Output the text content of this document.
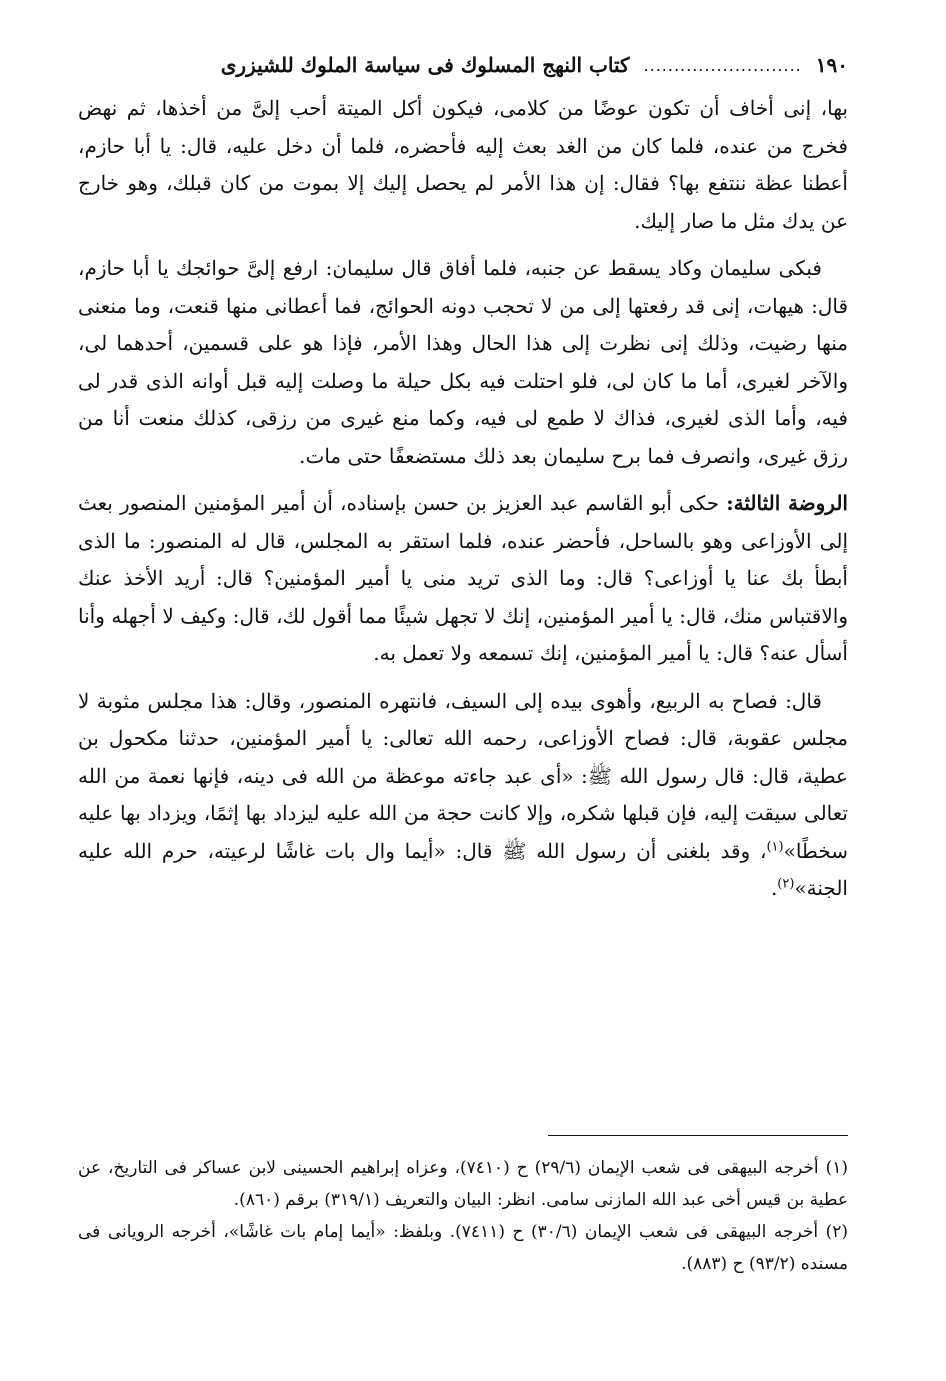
١٩٠
..........................
كتاب النهج المسلوك فى سياسة الملوك للشيزرى

بها، إنى أخاف أن تكون عوضًا من كلامى، فيكون أكل الميتة أحب إلىَّ من أخذها، ثم نهض فخرج من عنده، فلما كان من الغد بعث إليه فأحضره، فلما أن دخل عليه، قال: يا أبا حازم، أعطنا عظة ننتفع بها؟ فقال: إن هذا الأمر لم يحصل إليك إلا بموت من كان قبلك، وهو خارج عن يدك مثل ما صار إليك.

فبكى سليمان وكاد يسقط عن جنبه، فلما أفاق قال سليمان: ارفع إلىَّ حوائجك يا أبا حازم، قال: هيهات، إنى قد رفعتها إلى من لا تحجب دونه الحوائج، فما أعطانى منها قنعت، وما منعنى منها رضيت، وذلك إنى نظرت إلى هذا الحال وهذا الأمر، فإذا هو على قسمين، أحدهما لى، والآخر لغيرى، أما ما كان لى، فلو احتلت فيه بكل حيلة ما وصلت إليه قبل أوانه الذى قدر لى فيه، وأما الذى لغيرى، فذاك لا طمع لى فيه، وكما منع غيرى من رزقى، كذلك منعت أنا من رزق غيرى، وانصرف فما برح سليمان بعد ذلك مستضعفًا حتى مات.

الروضة الثالثة: حكى أبو القاسم عبد العزيز بن حسن بإسناده، أن أمير المؤمنين المنصور بعث إلى الأوزاعى وهو بالساحل، فأحضر عنده، فلما استقر به المجلس، قال له المنصور: ما الذى أبطأ بك عنا يا أوزاعى؟ قال: وما الذى تريد منى يا أمير المؤمنين؟ قال: أريد الأخذ عنك والاقتباس منك، قال: يا أمير المؤمنين، إنك لا تجهل شيئًا مما أقول لك، قال: وكيف لا أجهله وأنا أسأل عنه؟ قال: يا أمير المؤمنين، إنك تسمعه ولا تعمل به.

قال: فصاح به الربيع، وأهوى بيده إلى السيف، فانتهره المنصور، وقال: هذا مجلس مثوبة لا مجلس عقوبة، قال: فصاح الأوزاعى، رحمه الله تعالى: يا أمير المؤمنين، حدثنا مكحول بن عطية، قال: قال رسول الله ﷺ: «أى عبد جاءته موعظة من الله فى دينه، فإنها نعمة من الله تعالى سيقت إليه، فإن قبلها شكره، وإلا كانت حجة من الله عليه ليزداد بها إثمًا، ويزداد بها عليه سخطًا»$^{(١)}$، وقد بلغنى أن رسول الله ﷺ قال: «أيما وال بات غاشًا لرعيته، حرم الله عليه الجنة»$^{(٢)}$.

(١) أخرجه البيهقى فى شعب الإيمان (٢٩/٦) ح (٧٤١٠)، وعزاه إبراهيم الحسينى لابن عساكر فى التاريخ، عن عطية بن قيس أخى عبد الله المازنى سامى. انظر: البيان والتعريف (٣١٩/١) برقم (٨٦٠).

(٢) أخرجه البيهقى فى شعب الإيمان (٣٠/٦) ح (٧٤١١). وبلفظ: «أيما إمام بات غاشًا»، أخرجه الرويانى فى مسنده (٩٣/٢) ح (٨٨٣).
